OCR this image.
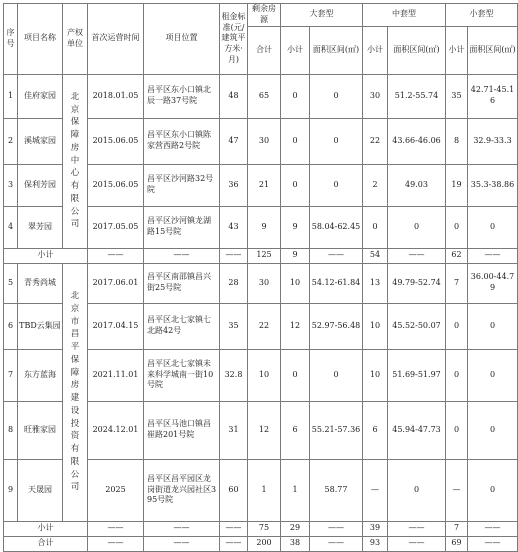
序号	项目名称	产权单位	首次运营时间	项目位置	租金标准(元/建筑平方米·月)	剩余房源	大套型		中套型		小套型	
						合计	小计	面积区间(㎡)	小计	面积区间(㎡)	小计	面积区间(㎡)
1	佳府家园	北京保障房中心有限公司	2018.01.05	昌平区东小口镇北辰一路37号院	48	65	0	0	30	51.2-55.74	35	42.71-45.16
2	溪城家园		2015.06.05	昌平区东小口镇陈家营西路2号院	47	30	0	0	22	43.66-46.06	8	32.9-33.3
3	保利芳园		2015.06.05	昌平区沙河路32号院	36	21	0	0	2	49.03	19	35.3-38.86
4	翠芳园		2017.05.05	昌平区沙河镇龙湖路15号院	43	9	9	58.04-62.45	0	0	0	0
小计			——	——	——	125	9	——	54	——	62	——
5	青秀尚城	北京市昌平保障房建设投资有限公司	2017.06.01	昌平区南邵镇昌兴街25号院	28	30	10	54.12-61.84	13	49.79-52.74	7	36.00-44.79
6	TBD云集园		2017.04.15	昌平区北七家镇七北路42号	35	22	12	52.97-56.48	10	45.52-50.07	0	0
7	东方蓝海		2021.11.01	昌平区北七家镇未来科学城南一街10号院	32.8	10	0	0	10	51.69-51.97	0	0
8	旺雅家园		2024.12.01	昌平区马池口镇昌崔路201号院	31	12	6	55.21-57.36	6	45.94-47.73	0	0
9	天晟园		2025	昌平区昌平园区龙岗街道龙兴园社区395号院	60	1	1	58.77	—	0	—	0
小计			——	——	——	75	29	——	39	——	7	——
合计			——	——	——	200	38	——	93	——	69	——
